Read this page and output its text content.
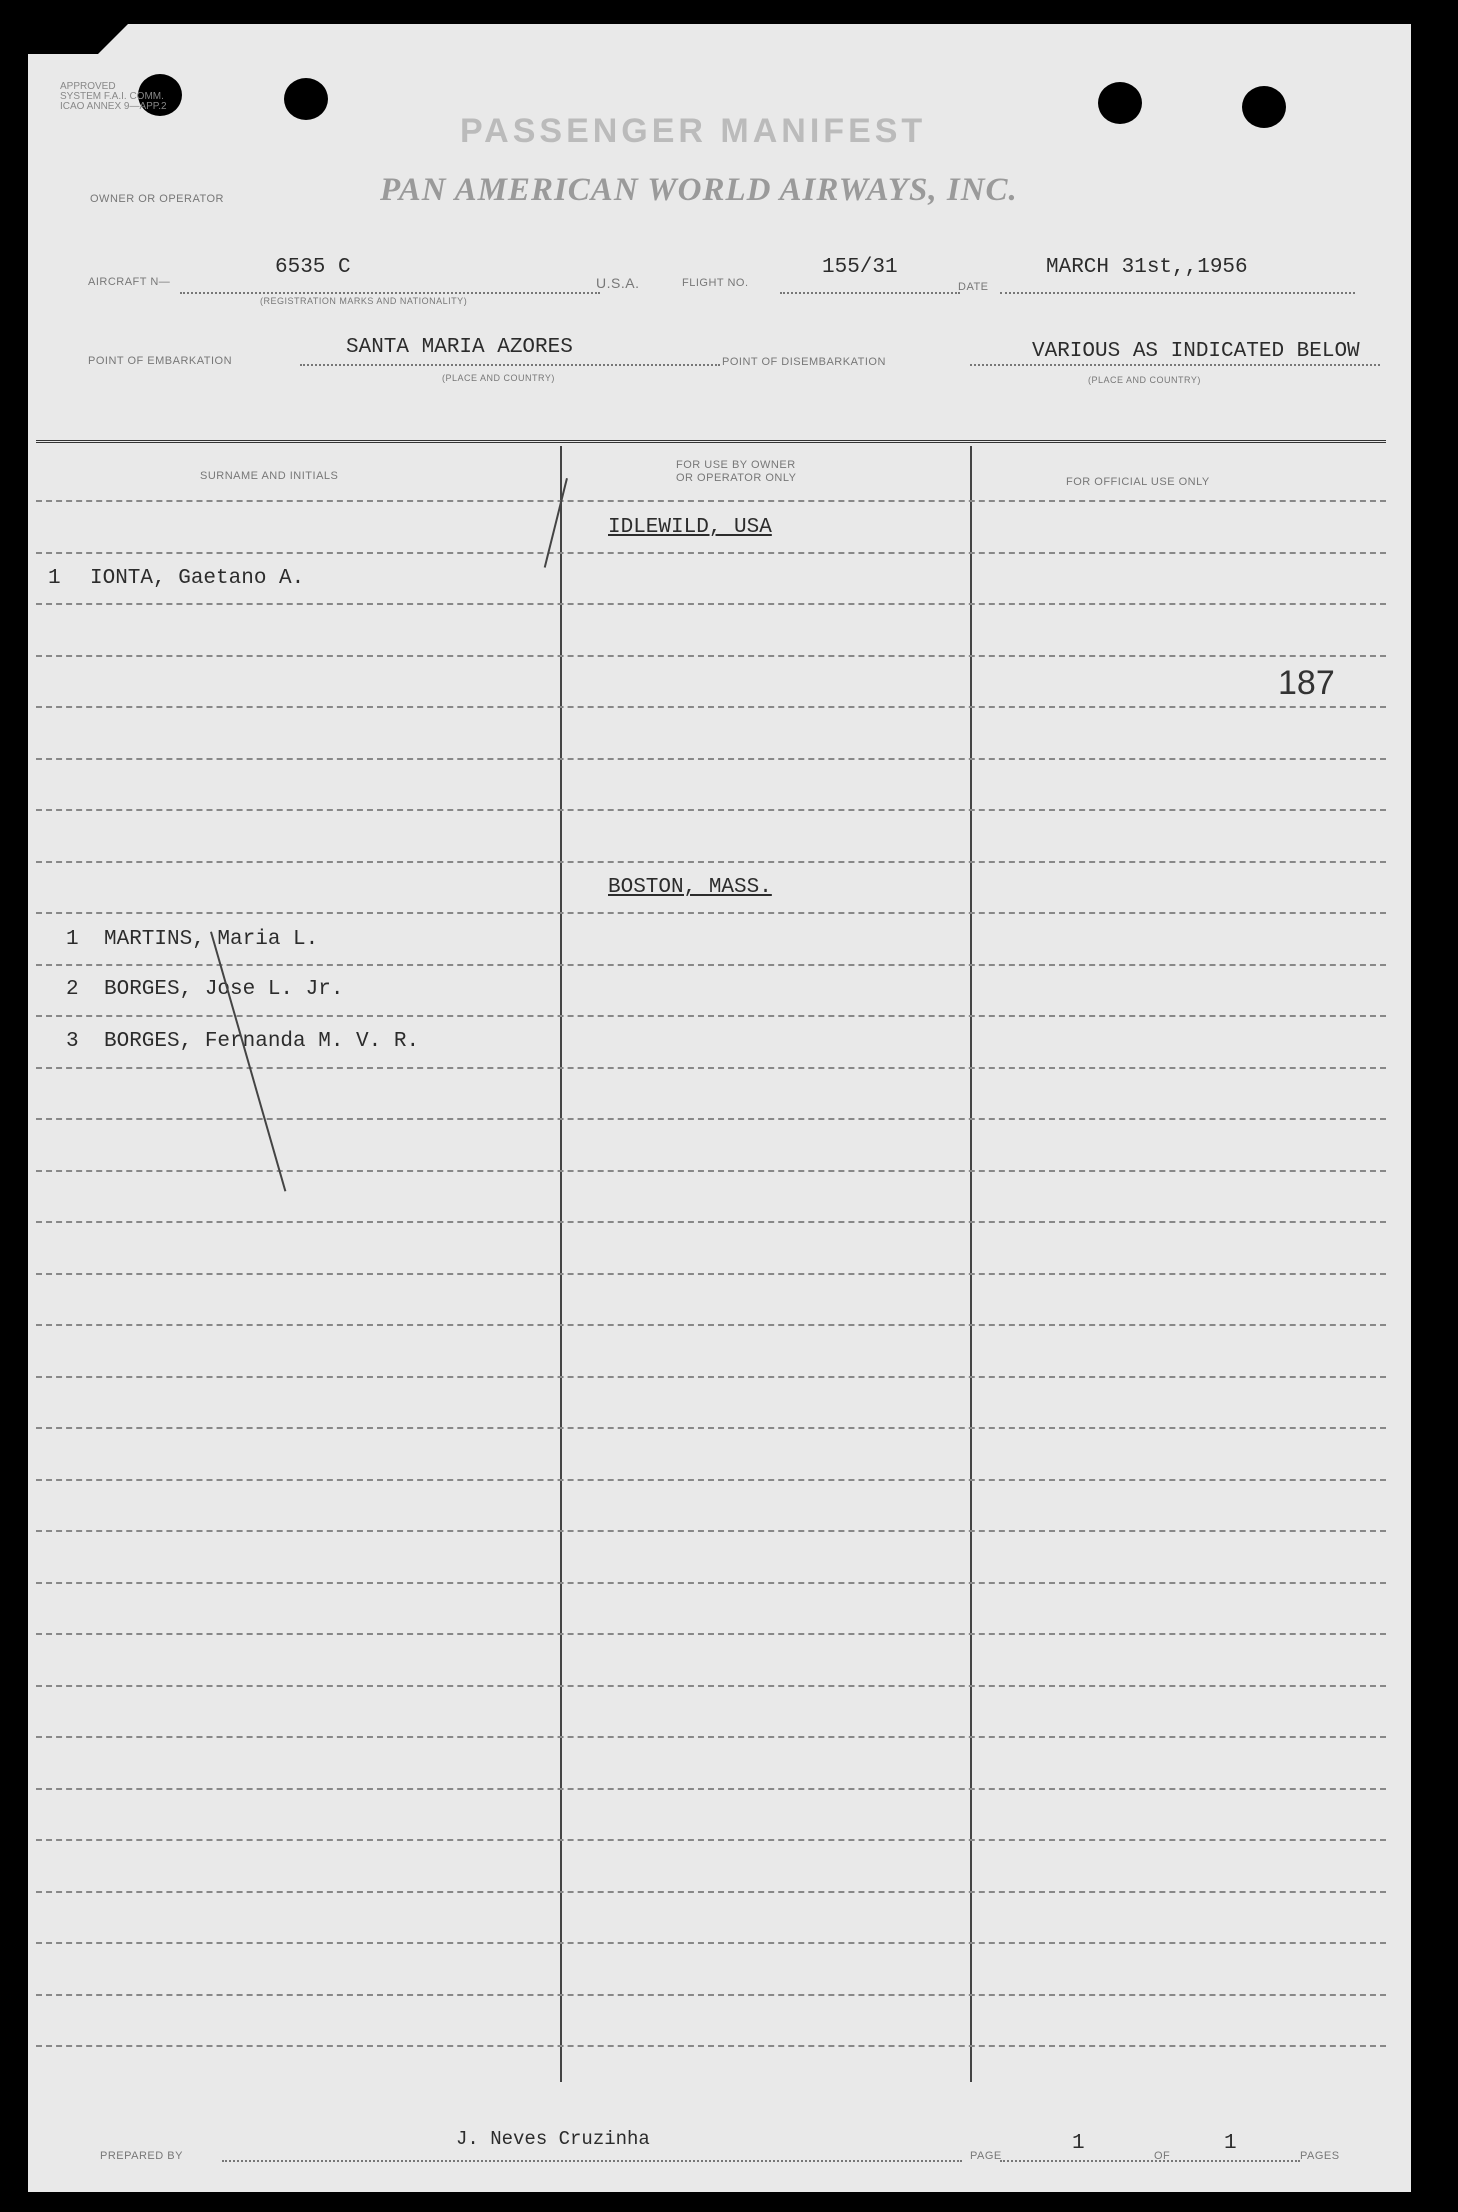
APPROVED
SYSTEM F.A.I. COMM.
ICAO ANNEX 9—APP.2
PASSENGER MANIFEST
OWNER OR OPERATOR	PAN AMERICAN WORLD AIRWAYS, INC.
AIRCRAFT N—
6535 C
(REGISTRATION MARKS AND NATIONALITY)
U.S.A.	FLIGHT NO.
155/31
DATE
MARCH 31st,,1956
POINT OF EMBARKATION
SANTA MARIA AZORES
(PLACE AND COUNTRY)
POINT OF DISEMBARKATION	VARIOUS AS INDICATED BELOW
(PLACE AND COUNTRY)
SURNAME AND INITIALS
FOR USE BY OWNER
OR OPERATOR ONLY	FOR OFFICIAL USE ONLY
IDLEWILD, USA
1 IONTA, Gaetano A.
187
BOSTON, MASS.
1 MARTINS, Maria L.
2 BORGES, Jose L. Jr.
3 BORGES, Fernanda M. V. R.
PREPARED BY
J. Neves Cruzinha
PAGE
1
OF
1
PAGES
